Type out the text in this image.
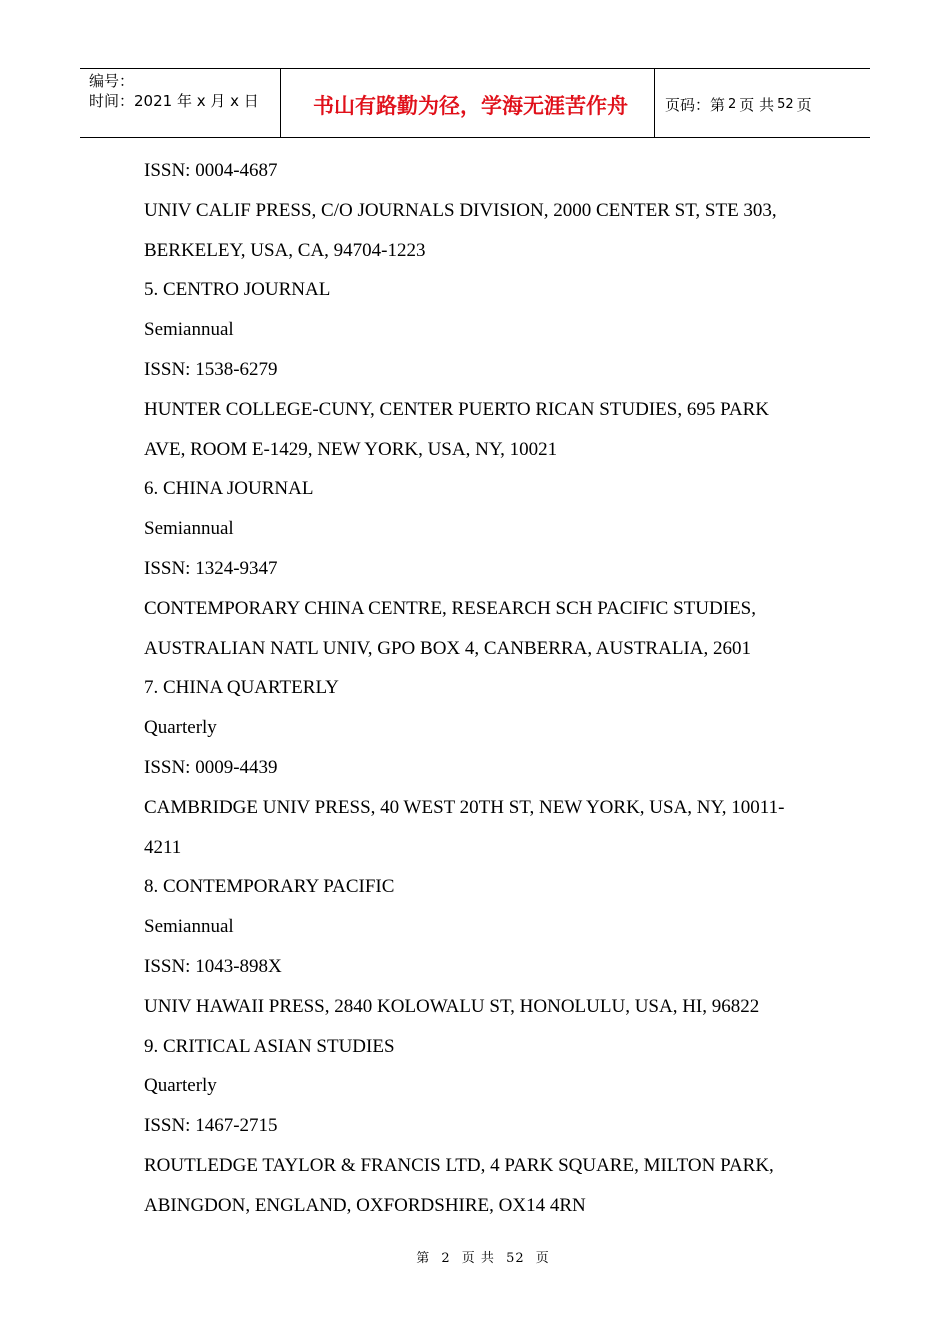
编号：
时间：2021 年 x 月 x 日	书山有路勤为径，学海无涯苦作舟 页码：第 2 页 共 52 页
ISSN: 0004-4687
UNIV CALIF PRESS, C/O JOURNALS DIVISION, 2000 CENTER ST, STE 303,
BERKELEY, USA, CA, 94704-1223
5. CENTRO JOURNAL
Semiannual
ISSN: 1538-6279
HUNTER COLLEGE-CUNY, CENTER PUERTO RICAN STUDIES, 695 PARK
AVE, ROOM E-1429, NEW YORK, USA, NY, 10021
6. CHINA JOURNAL
Semiannual
ISSN: 1324-9347
CONTEMPORARY CHINA CENTRE, RESEARCH SCH PACIFIC STUDIES,
AUSTRALIAN NATL UNIV, GPO BOX 4, CANBERRA, AUSTRALIA, 2601
7. CHINA QUARTERLY
Quarterly
ISSN: 0009-4439
CAMBRIDGE UNIV PRESS, 40 WEST 20TH ST, NEW YORK, USA, NY, 10011-
4211
8. CONTEMPORARY PACIFIC
Semiannual
ISSN: 1043-898X
UNIV HAWAII PRESS, 2840 KOLOWALU ST, HONOLULU, USA, HI, 96822
9. CRITICAL ASIAN STUDIES
Quarterly
ISSN: 1467-2715
ROUTLEDGE TAYLOR & FRANCIS LTD, 4 PARK SQUARE, MILTON PARK,
ABINGDON, ENGLAND, OXFORDSHIRE, OX14 4RN
第 2 页 共 52 页
